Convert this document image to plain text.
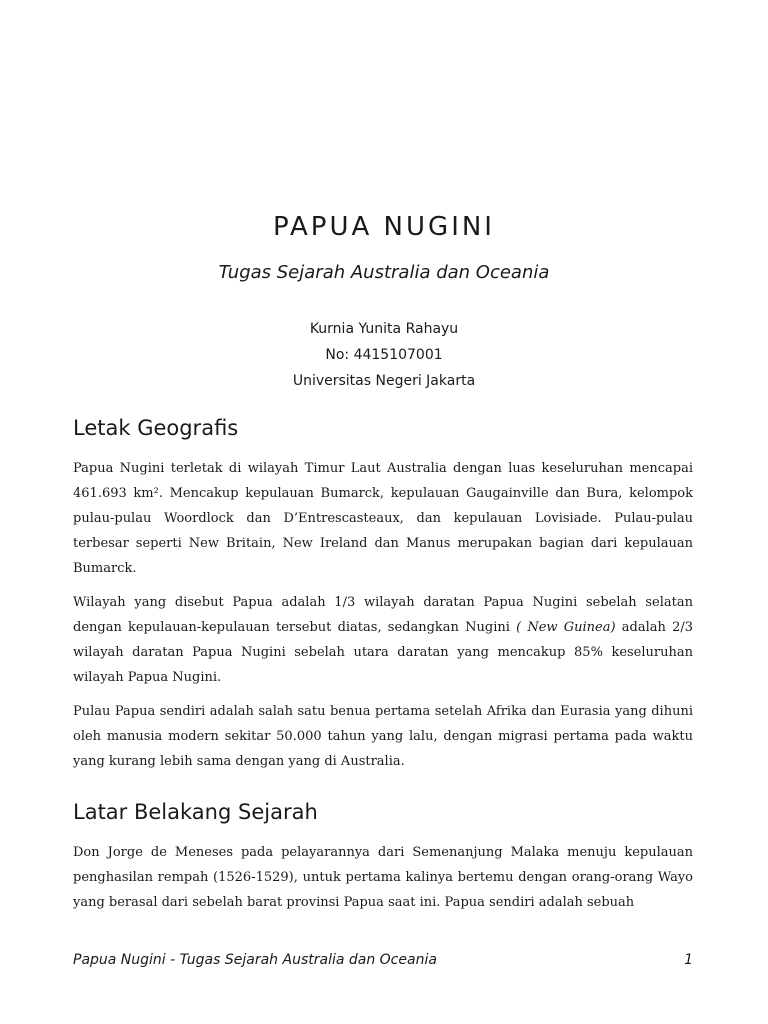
PAPUA NUGINI
Tugas Sejarah Australia dan Oceania
Kurnia Yunita Rahayu
No: 4415107001
Universitas Negeri Jakarta
Letak Geografis

Papua Nugini terletak di wilayah Timur Laut Australia dengan luas keseluruhan mencapai 461.693 km². Mencakup kepulauan Bumarck, kepulauan Gaugainville dan Bura, kelompok pulau-pulau Woordlock dan D’Entrescasteaux, dan kepulauan Lovisiade. Pulau-pulau terbesar seperti New Britain, New Ireland dan Manus merupakan bagian dari kepulauan Bumarck.

Wilayah yang disebut Papua adalah 1/3 wilayah daratan Papua Nugini sebelah selatan dengan kepulauan-kepulauan tersebut diatas, sedangkan Nugini ( New Guinea) adalah 2/3 wilayah daratan Papua Nugini sebelah utara daratan yang mencakup 85% keseluruhan wilayah Papua Nugini.

Pulau Papua sendiri adalah salah satu benua pertama setelah Afrika dan Eurasia yang dihuni oleh manusia modern sekitar 50.000 tahun yang lalu, dengan migrasi pertama pada waktu yang kurang lebih sama dengan yang di Australia.

Latar Belakang Sejarah

Don Jorge de Meneses pada pelayarannya dari Semenanjung Malaka menuju kepulauan penghasilan rempah (1526-1529), untuk pertama kalinya bertemu dengan orang-orang Wayo yang berasal dari sebelah barat provinsi Papua saat ini. Papua sendiri adalah sebuah

Papua Nugini - Tugas Sejarah Australia dan Oceania	1
